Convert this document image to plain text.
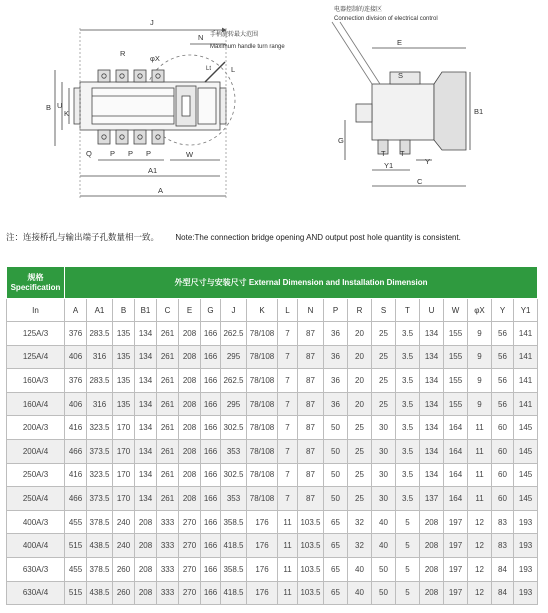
J
N
R
φX
L
Lt
B U
K
P P P
Q	W
A1
A
手柄旋转最大范围
Maximum handle turn range	E
S
B1
G
T T
Y1	Y
C
电器控制的连接区
Connection division of electrical control
注：连接桥孔与输出端子孔数量相一致。 Note:The connection bridge opening AND output post hole quantity is consistent.
规格
Specification	外型尺寸与安装尺寸 External Dimension and Installation Dimension																			
In	A	A1	B	B1	C	E	G	J	K	L	N	P	R	S	T	U	W	φX	Y	Y1
125A/3	376	283.5	135	134	261	208	166	262.5	78/108	7	87	36	20	25	3.5	134	155	9	56	141
125A/4	406	316	135	134	261	208	166	295	78/108	7	87	36	20	25	3.5	134	155	9	56	141
160A/3	376	283.5	135	134	261	208	166	262.5	78/108	7	87	36	20	25	3.5	134	155	9	56	141
160A/4	406	316	135	134	261	208	166	295	78/108	7	87	36	20	25	3.5	134	155	9	56	141
200A/3	416	323.5	170	134	261	208	166	302.5	78/108	7	87	50	25	30	3.5	134	164	11	60	145
200A/4	466	373.5	170	134	261	208	166	353	78/108	7	87	50	25	30	3.5	134	164	11	60	145
250A/3	416	323.5	170	134	261	208	166	302.5	78/108	7	87	50	25	30	3.5	134	164	11	60	145
250A/4	466	373.5	170	134	261	208	166	353	78/108	7	87	50	25	30	3.5	137	164	11	60	145
400A/3	455	378.5	240	208	333	270	166	358.5	176	11	103.5	65	32	40	5	208	197	12	83	193
400A/4	515	438.5	240	208	333	270	166	418.5	176	11	103.5	65	32	40	5	208	197	12	83	193
630A/3	455	378.5	260	208	333	270	166	358.5	176	11	103.5	65	40	50	5	208	197	12	84	193
630A/4	515	438.5	260	208	333	270	166	418.5	176	11	103.5	65	40	50	5	208	197	12	84	193
